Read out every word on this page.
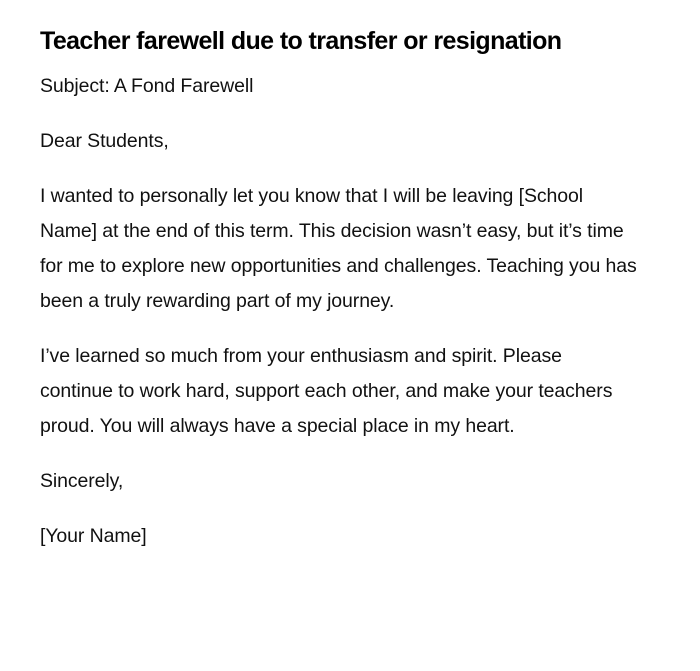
Teacher farewell due to transfer or resignation

Subject: A Fond Farewell

Dear Students,

I wanted to personally let you know that I will be leaving [School Name] at the end of this term. This decision wasn’t easy, but it’s time for me to explore new opportunities and challenges. Teaching you has been a truly rewarding part of my journey.

I’ve learned so much from your enthusiasm and spirit. Please continue to work hard, support each other, and make your teachers proud. You will always have a special place in my heart.

Sincerely,

[Your Name]
